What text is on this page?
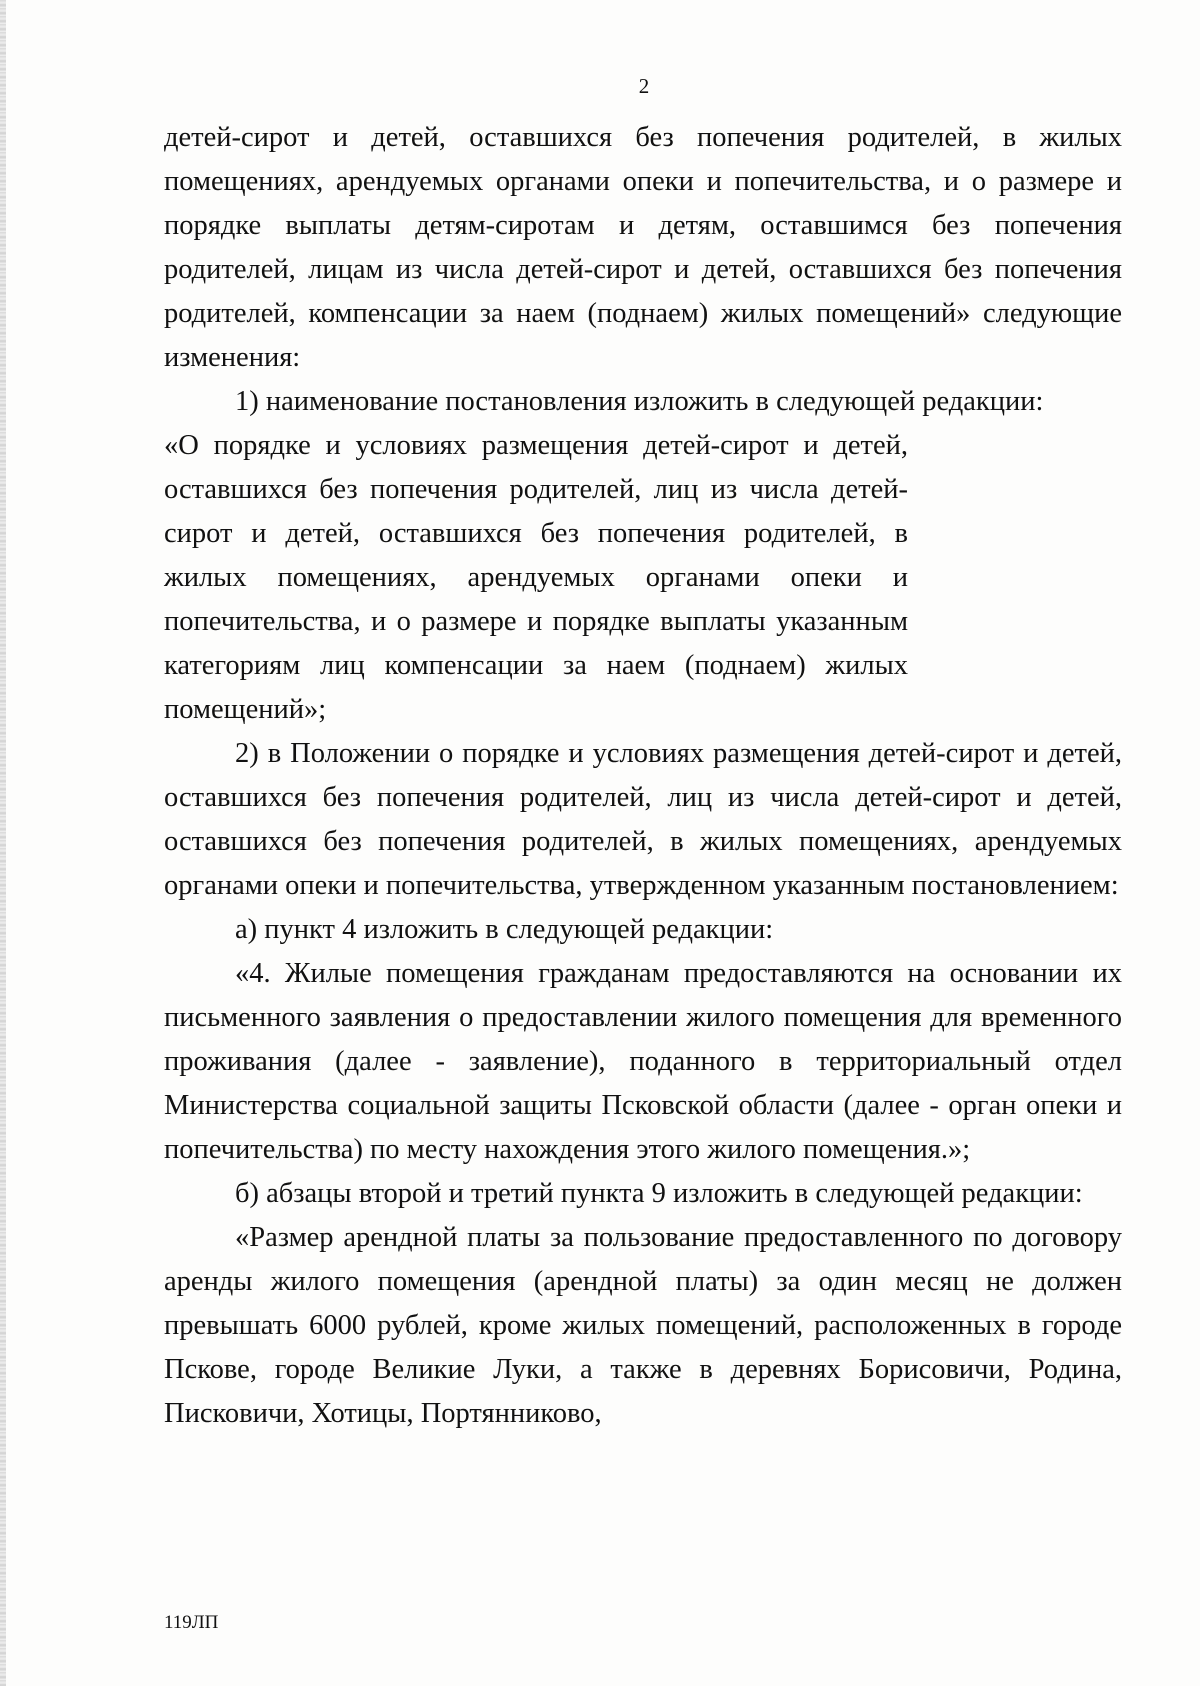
2

детей-сирот и детей, оставшихся без попечения родителей, в жилых помещениях, арендуемых органами опеки и попечительства, и о размере и порядке выплаты детям-сиротам и детям, оставшимся без попечения родителей, лицам из числа детей-сирот и детей, оставшихся без попечения родителей, компенсации за наем (поднаем) жилых помещений» следующие изменения:

1) наименование постановления изложить в следующей редакции:

«О порядке и условиях размещения детей-сирот и детей, оставшихся без попечения родителей, лиц из числа детей-сирот и детей, оставшихся без попечения родителей, в жилых помещениях, арендуемых органами опеки и попечительства, и о размере и порядке выплаты указанным категориям лиц компенсации за наем (поднаем) жилых помещений»;

2) в Положении о порядке и условиях размещения детей-сирот и детей, оставшихся без попечения родителей, лиц из числа детей-сирот и детей, оставшихся без попечения родителей, в жилых помещениях, арендуемых органами опеки и попечительства, утвержденном указанным постановлением:

а) пункт 4 изложить в следующей редакции:

«4. Жилые помещения гражданам предоставляются на основании их письменного заявления о предоставлении жилого помещения для временного проживания (далее - заявление), поданного в территориальный отдел Министерства социальной защиты Псковской области (далее - орган опеки и попечительства) по месту нахождения этого жилого помещения.»;

б) абзацы второй и третий пункта 9 изложить в следующей редакции:

«Размер арендной платы за пользование предоставленного по договору аренды жилого помещения (арендной платы) за один месяц не должен превышать 6000 рублей, кроме жилых помещений, расположенных в городе Пскове, городе Великие Луки, а также в деревнях Борисовичи, Родина, Писковичи, Хотицы, Портянниково,

119ЛП
